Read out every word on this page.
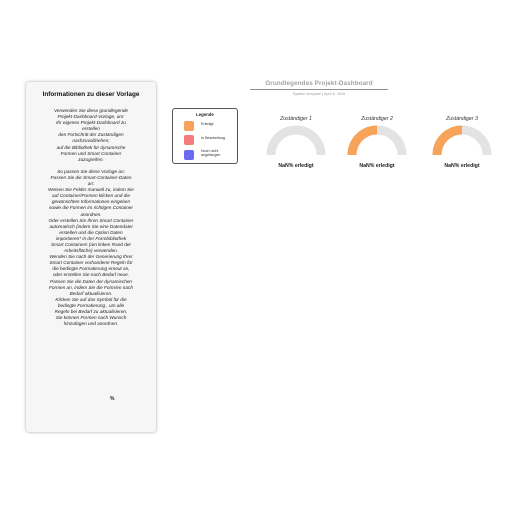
Informationen zu dieser Vorlage

Verwenden Sie diese grundlegende

Projekt-Dashboard-Vorlage, um:

Ihr eigenes Projekt-Dashboard zu

erstellen

den Fortschritt der Zuständigen

nachzuvollziehen;

auf die Bibliothek für dynamische

Formen und Smart Container

zuzugreifen.

So passen Sie diese Vorlage an:

Passen Sie die Smart-Container-Daten

an:

Weisen Sie Felder manuell zu, indem Sie

auf Container/Formen klicken und die

gewünschten Informationen eingeben

sowie die Formen im richtigen Container

anordnen.

Oder erstellen Sie Ihren Smart Container

automatisch (indem Sie eine Datendatei

erstellen und die Option Daten

importieren* in der Formbibliothek

Smart Containers (am linken Rand der

Arbeitsfläche) verwenden.

Wenden Sie nach der Generierung Ihrer

Smart Container vorhandene Regeln für

die bedingte Formatierung erneut an,

oder erstellen Sie nach Bedarf neue.

Passen Sie die Daten der dynamischen

Formen an, indem Sie die Form/en nach

Bedarf aktualisieren.

Klicken Sie auf das Symbol für die

bedingte Formatierung , um alle

Regeln bei Bedarf zu aktualisieren.

Sie können Formen nach Wunsch

hinzufügen und anordnen.

%
Grundlegendes Projekt-Dashboard
System template | April 6, 2026
Legende
Erledigt
In Bearbeitung
Noch nicht angefangen
Zuständiger 1
NaN% erledigt
Zuständiger 2
NaN% erledigt
Zuständiger 3
NaN% erledigt
